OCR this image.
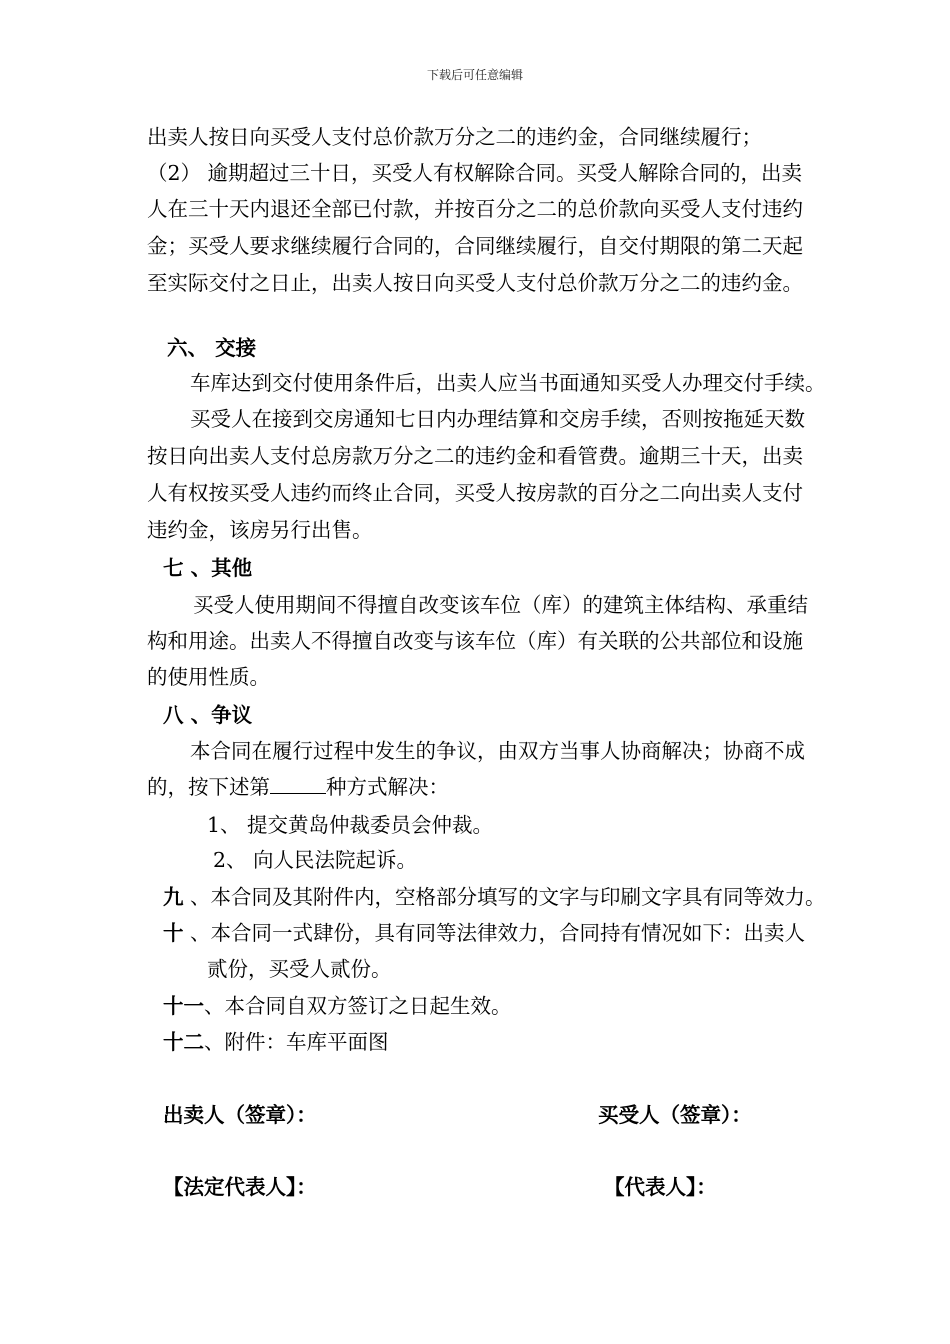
下载后可任意编辑
出卖人按日向买受人支付总价款万分之二的违约金，合同继续履行；
（2） 逾期超过三十日，买受人有权解除合同。买受人解除合同的，出卖
人在三十天内退还全部已付款，并按百分之二的总价款向买受人支付违约
金；买受人要求继续履行合同的，合同继续履行，自交付期限的第二天起
至实际交付之日止，出卖人按日向买受人支付总价款万分之二的违约金。
六、 交接
车库达到交付使用条件后，出卖人应当书面通知买受人办理交付手续。
买受人在接到交房通知七日内办理结算和交房手续，否则按拖延天数
按日向出卖人支付总房款万分之二的违约金和看管费。逾期三十天，出卖
人有权按买受人违约而终止合同，买受人按房款的百分之二向出卖人支付
违约金，该房另行出售。
七 、其他
买受人使用期间不得擅自改变该车位（库）的建筑主体结构、承重结
构和用途。出卖人不得擅自改变与该车位（库）有关联的公共部位和设施
的使用性质。
八 、争议
本合同在履行过程中发生的争议，由双方当事人协商解决；协商不成
的，按下述第	种方式解决：
1、 提交黄岛仲裁委员会仲裁。
2、 向人民法院起诉。
九 、本合同及其附件内，空格部分填写的文字与印刷文字具有同等效力。
十 、本合同一式肆份，具有同等法律效力，合同持有情况如下：出卖人
贰份，买受人贰份。
十一、本合同自双方签订之日起生效。
十二、附件：车库平面图
出卖人（签章）：	买受人（签章）：
【法定代表人】：	【代表人】：
